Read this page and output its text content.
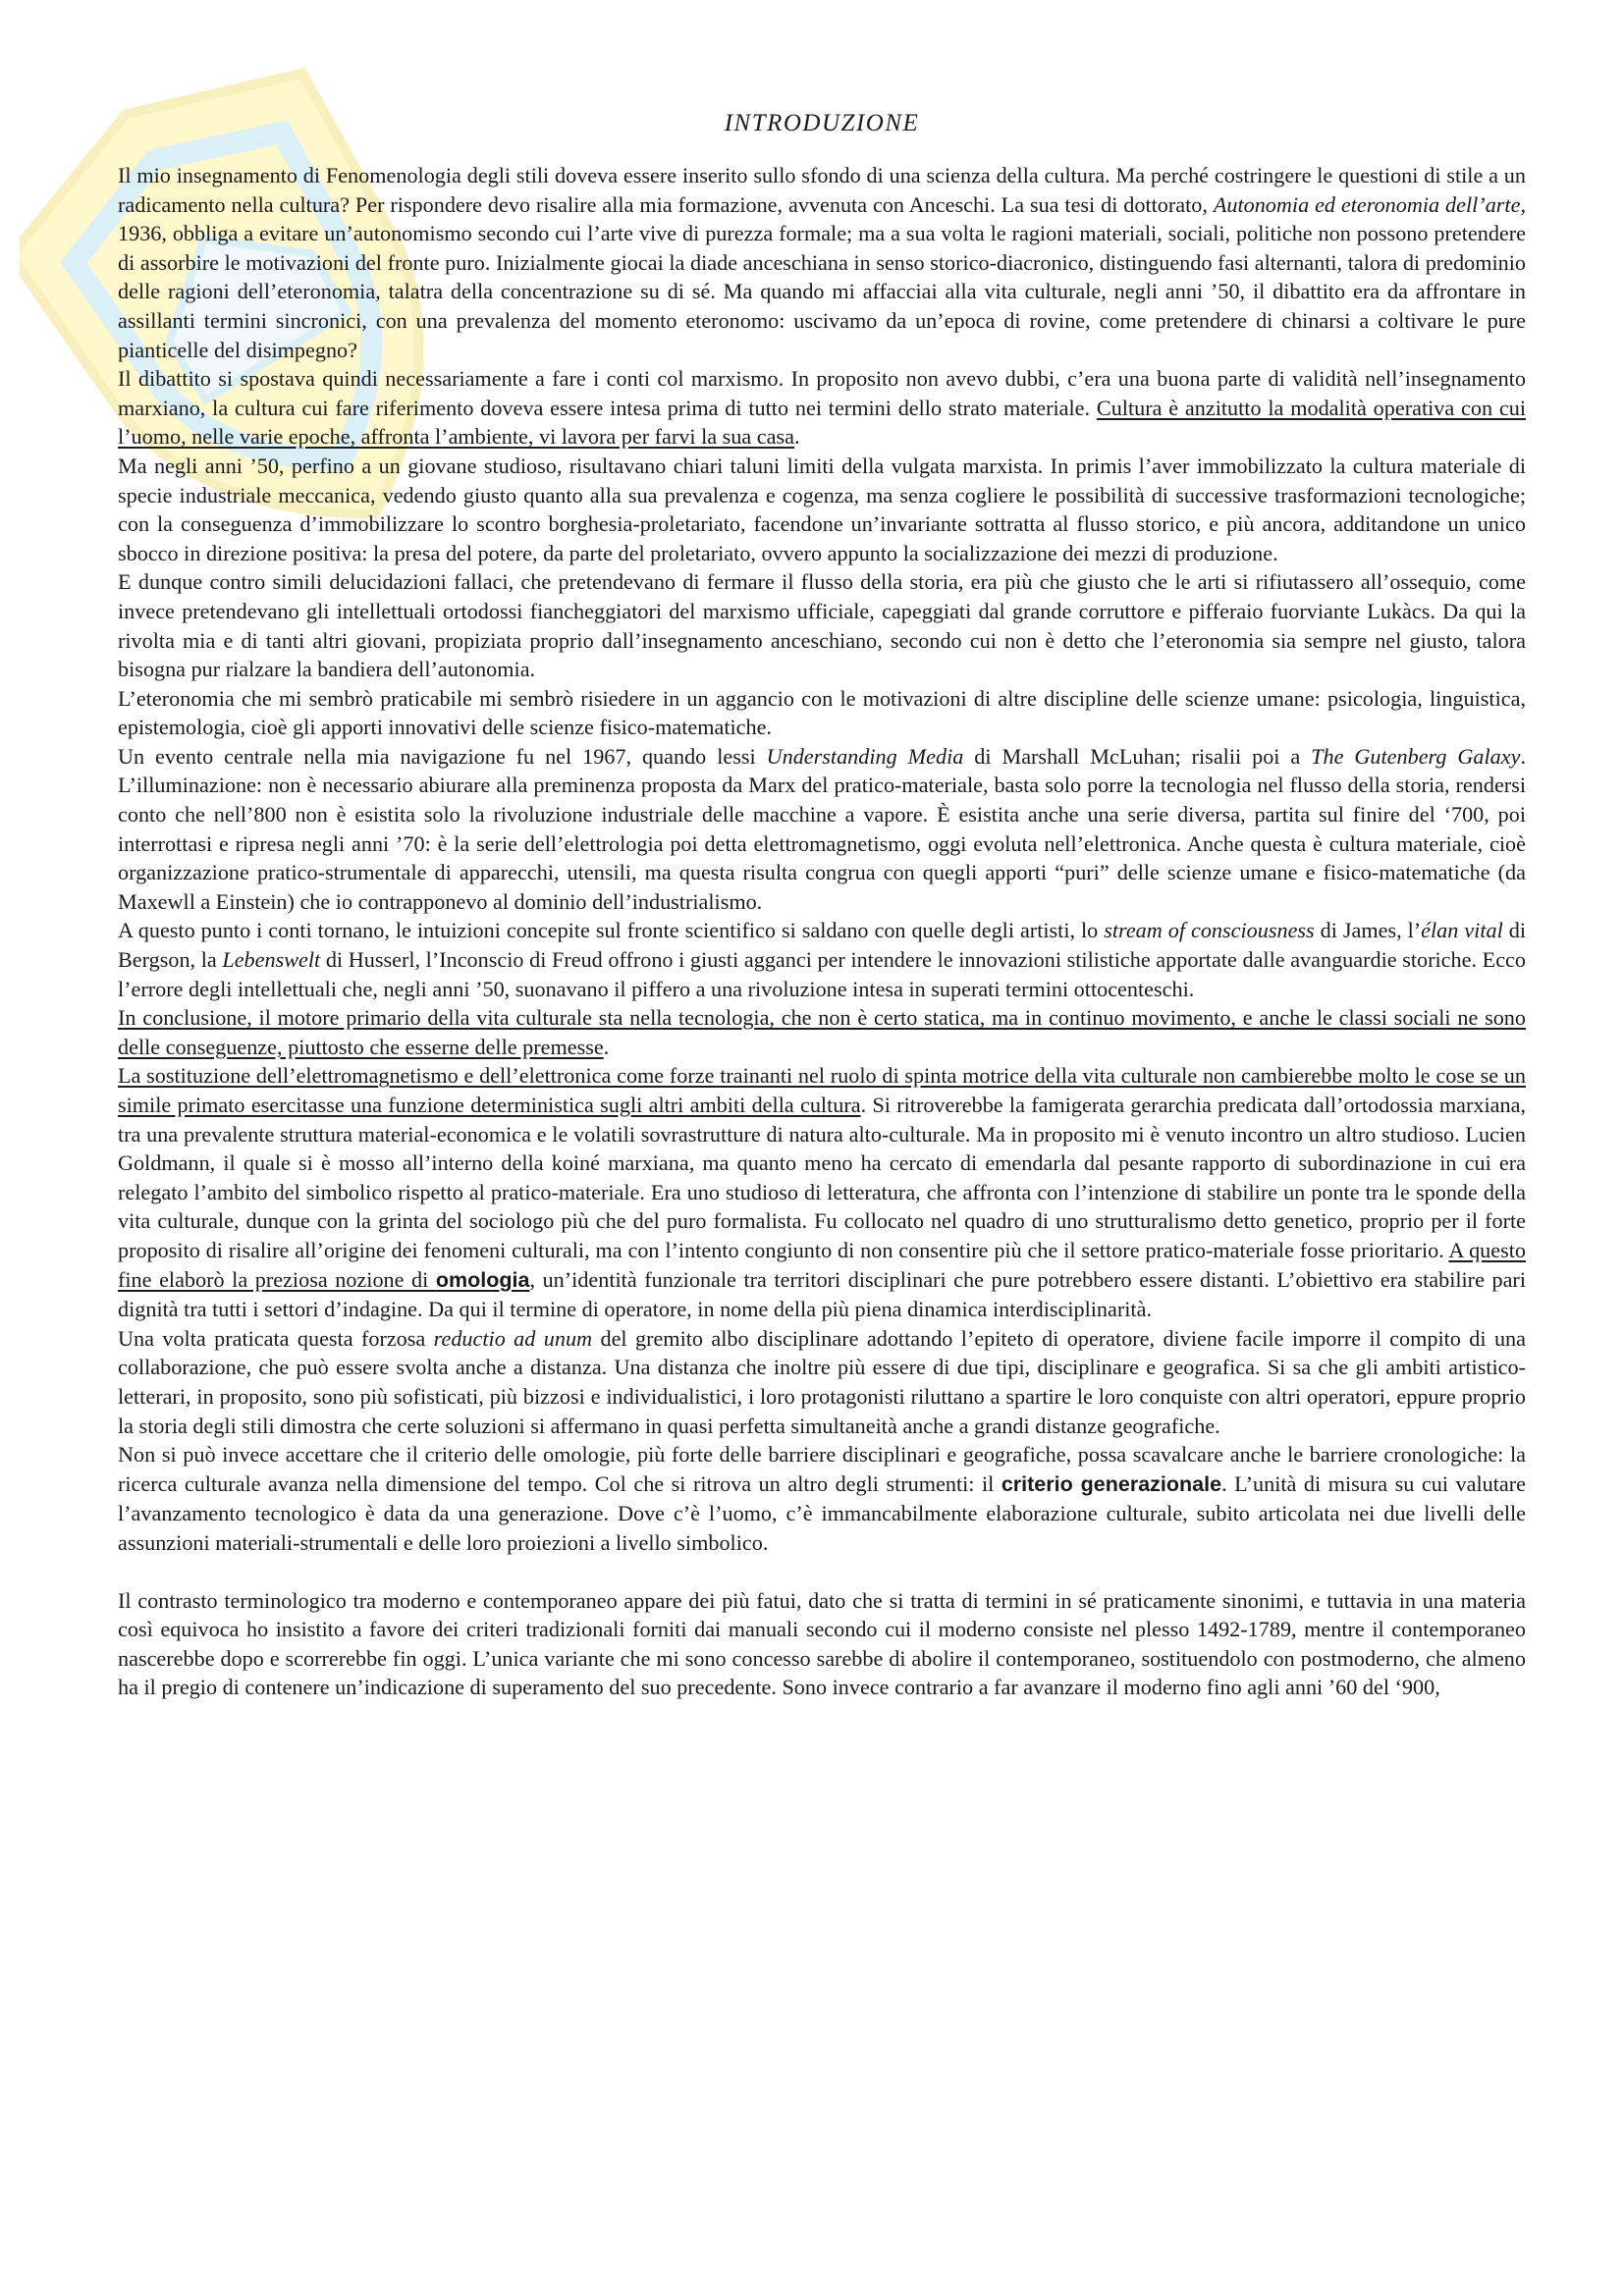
INTRODUZIONE

Il mio insegnamento di Fenomenologia degli stili doveva essere inserito sullo sfondo di una scienza della cultura. Ma perché costringere le questioni di stile a un radicamento nella cultura? Per rispondere devo risalire alla mia formazione, avvenuta con Anceschi. La sua tesi di dottorato, Autonomia ed eteronomia dell’arte, 1936, obbliga a evitare un’autonomismo secondo cui l’arte vive di purezza formale; ma a sua volta le ragioni materiali, sociali, politiche non possono pretendere di assorbire le motivazioni del fronte puro. Inizialmente giocai la diade anceschiana in senso storico-diacronico, distinguendo fasi alternanti, talora di predominio delle ragioni dell’eteronomia, talatra della concentrazione su di sé. Ma quando mi affacciai alla vita culturale, negli anni ’50, il dibattito era da affrontare in assillanti termini sincronici, con una prevalenza del momento eteronomo: uscivamo da un’epoca di rovine, come pretendere di chinarsi a coltivare le pure pianticelle del disimpegno?

Il dibattito si spostava quindi necessariamente a fare i conti col marxismo. In proposito non avevo dubbi, c’era una buona parte di validità nell’insegnamento marxiano, la cultura cui fare riferimento doveva essere intesa prima di tutto nei termini dello strato materiale. Cultura è anzitutto la modalità operativa con cui l’uomo, nelle varie epoche, affronta l’ambiente, vi lavora per farvi la sua casa.

Ma negli anni ’50, perfino a un giovane studioso, risultavano chiari taluni limiti della vulgata marxista. In primis l’aver immobilizzato la cultura materiale di specie industriale meccanica, vedendo giusto quanto alla sua prevalenza e cogenza, ma senza cogliere le possibilità di successive trasformazioni tecnologiche; con la conseguenza d’immobilizzare lo scontro borghesia-proletariato, facendone un’invariante sottratta al flusso storico, e più ancora, additandone un unico sbocco in direzione positiva: la presa del potere, da parte del proletariato, ovvero appunto la socializzazione dei mezzi di produzione.

E dunque contro simili delucidazioni fallaci, che pretendevano di fermare il flusso della storia, era più che giusto che le arti si rifiutassero all’ossequio, come invece pretendevano gli intellettuali ortodossi fiancheggiatori del marxismo ufficiale, capeggiati dal grande corruttore e pifferaio fuorviante Lukàcs. Da qui la rivolta mia e di tanti altri giovani, propiziata proprio dall’insegnamento anceschiano, secondo cui non è detto che l’eteronomia sia sempre nel giusto, talora bisogna pur rialzare la bandiera dell’autonomia.

L’eteronomia che mi sembrò praticabile mi sembrò risiedere in un aggancio con le motivazioni di altre discipline delle scienze umane: psicologia, linguistica, epistemologia, cioè gli apporti innovativi delle scienze fisico-matematiche.

Un evento centrale nella mia navigazione fu nel 1967, quando lessi Understanding Media di Marshall McLuhan; risalii poi a The Gutenberg Galaxy. L’illuminazione: non è necessario abiurare alla preminenza proposta da Marx del pratico-materiale, basta solo porre la tecnologia nel flusso della storia, rendersi conto che nell’800 non è esistita solo la rivoluzione industriale delle macchine a vapore. È esistita anche una serie diversa, partita sul finire del ‘700, poi interrottasi e ripresa negli anni ’70: è la serie dell’elettrologia poi detta elettromagnetismo, oggi evoluta nell’elettronica. Anche questa è cultura materiale, cioè organizzazione pratico-strumentale di apparecchi, utensili, ma questa risulta congrua con quegli apporti “puri” delle scienze umane e fisico-matematiche (da Maxewll a Einstein) che io contrapponevo al dominio dell’industrialismo.

A questo punto i conti tornano, le intuizioni concepite sul fronte scientifico si saldano con quelle degli artisti, lo stream of consciousness di James, l’élan vital di Bergson, la Lebenswelt di Husserl, l’Inconscio di Freud offrono i giusti agganci per intendere le innovazioni stilistiche apportate dalle avanguardie storiche. Ecco l’errore degli intellettuali che, negli anni ’50, suonavano il piffero a una rivoluzione intesa in superati termini ottocenteschi.

In conclusione, il motore primario della vita culturale sta nella tecnologia, che non è certo statica, ma in continuo movimento, e anche le classi sociali ne sono delle conseguenze, piuttosto che esserne delle premesse.

La sostituzione dell’elettromagnetismo e dell’elettronica come forze trainanti nel ruolo di spinta motrice della vita culturale non cambierebbe molto le cose se un simile primato esercitasse una funzione deterministica sugli altri ambiti della cultura. Si ritroverebbe la famigerata gerarchia predicata dall’ortodossia marxiana, tra una prevalente struttura material-economica e le volatili sovrastrutture di natura alto-culturale. Ma in proposito mi è venuto incontro un altro studioso. Lucien Goldmann, il quale si è mosso all’interno della koiné marxiana, ma quanto meno ha cercato di emendarla dal pesante rapporto di subordinazione in cui era relegato l’ambito del simbolico rispetto al pratico-materiale. Era uno studioso di letteratura, che affronta con l’intenzione di stabilire un ponte tra le sponde della vita culturale, dunque con la grinta del sociologo più che del puro formalista. Fu collocato nel quadro di uno strutturalismo detto genetico, proprio per il forte proposito di risalire all’origine dei fenomeni culturali, ma con l’intento congiunto di non consentire più che il settore pratico-materiale fosse prioritario. A questo fine elaborò la preziosa nozione di omologia, un’identità funzionale tra territori disciplinari che pure potrebbero essere distanti. L’obiettivo era stabilire pari dignità tra tutti i settori d’indagine. Da qui il termine di operatore, in nome della più piena dinamica interdisciplinarità.

Una volta praticata questa forzosa reductio ad unum del gremito albo disciplinare adottando l’epiteto di operatore, diviene facile imporre il compito di una collaborazione, che può essere svolta anche a distanza. Una distanza che inoltre più essere di due tipi, disciplinare e geografica. Si sa che gli ambiti artistico-letterari, in proposito, sono più sofisticati, più bizzosi e individualistici, i loro protagonisti riluttano a spartire le loro conquiste con altri operatori, eppure proprio la storia degli stili dimostra che certe soluzioni si affermano in quasi perfetta simultaneità anche a grandi distanze geografiche.

Non si può invece accettare che il criterio delle omologie, più forte delle barriere disciplinari e geografiche, possa scavalcare anche le barriere cronologiche: la ricerca culturale avanza nella dimensione del tempo. Col che si ritrova un altro degli strumenti: il criterio generazionale. L’unità di misura su cui valutare l’avanzamento tecnologico è data da una generazione. Dove c’è l’uomo, c’è immancabilmente elaborazione culturale, subito articolata nei due livelli delle assunzioni materiali-strumentali e delle loro proiezioni a livello simbolico.

Il contrasto terminologico tra moderno e contemporaneo appare dei più fatui, dato che si tratta di termini in sé praticamente sinonimi, e tuttavia in una materia così equivoca ho insistito a favore dei criteri tradizionali forniti dai manuali secondo cui il moderno consiste nel plesso 1492-1789, mentre il contemporaneo nascerebbe dopo e scorrerebbe fin oggi. L’unica variante che mi sono concesso sarebbe di abolire il contemporaneo, sostituendolo con postmoderno, che almeno ha il pregio di contenere un’indicazione di superamento del suo precedente. Sono invece contrario a far avanzare il moderno fino agli anni ’60 del ‘900,
